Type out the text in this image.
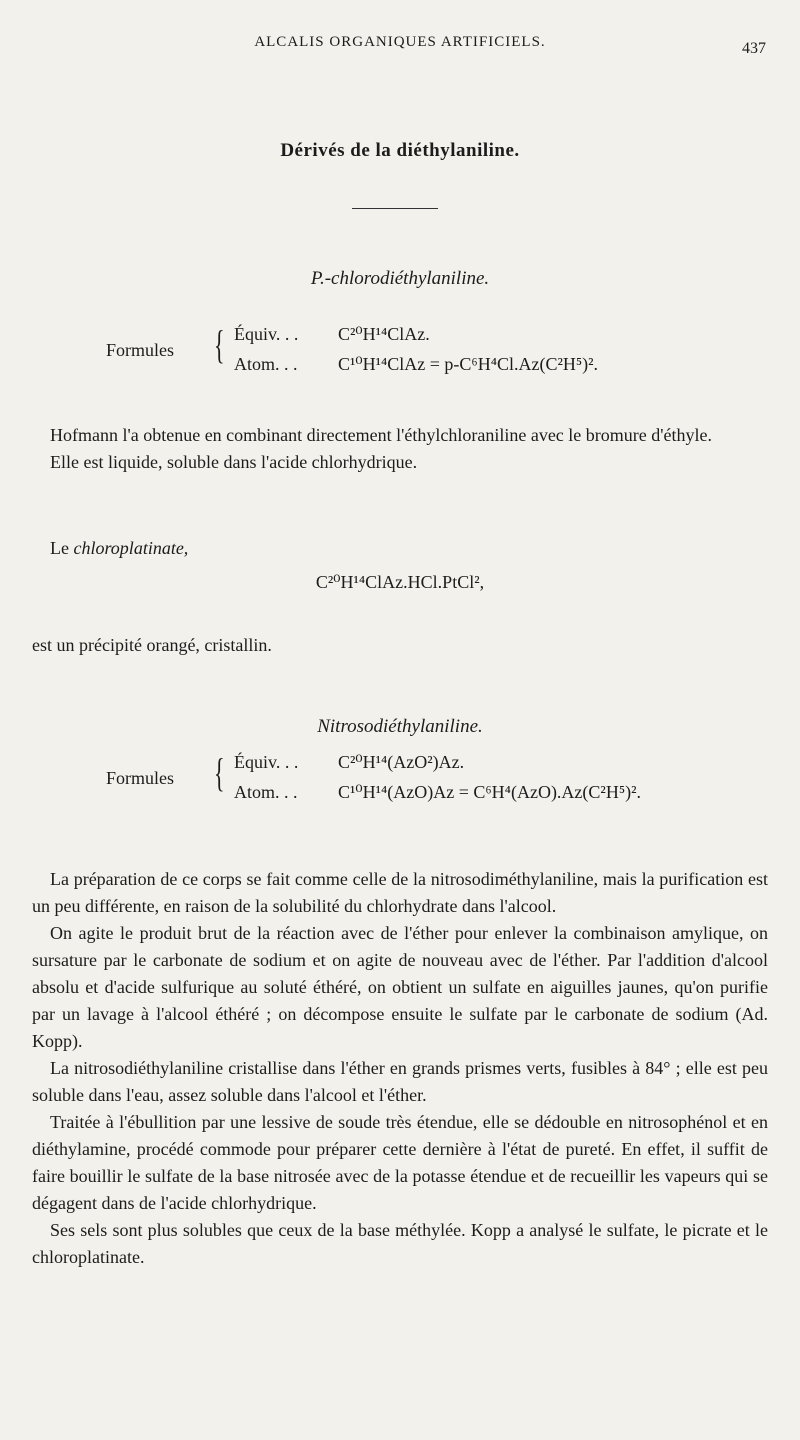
ALCALIS ORGANIQUES ARTIFICIELS.	437
Dérivés de la diéthylaniline.
P.-chlorodiéthylaniline.
Formules { Équiv. . . C²⁰H¹⁴ClAz.
Atom. . . C¹⁰H¹⁴ClAz = p-C⁶H⁴Cl.Az(C²H⁵)².

Hofmann l'a obtenue en combinant directement l'éthylchloraniline avec le bromure d'éthyle.

Elle est liquide, soluble dans l'acide chlorhydrique.

Le chloroplatinate,

C²⁰H¹⁴ClAz.HCl.PtCl²,

est un précipité orangé, cristallin.

Nitrosodiéthylaniline.
Formules { Équiv. . . C²⁰H¹⁴(AzO²)Az.
Atom. . . C¹⁰H¹⁴(AzO)Az = C⁶H⁴(AzO).Az(C²H⁵)².

La préparation de ce corps se fait comme celle de la nitrosodiméthylaniline, mais la purification est un peu différente, en raison de la solubilité du chlorhydrate dans l'alcool.

On agite le produit brut de la réaction avec de l'éther pour enlever la combinaison amylique, on sursature par le carbonate de sodium et on agite de nouveau avec de l'éther. Par l'addition d'alcool absolu et d'acide sulfurique au soluté éthéré, on obtient un sulfate en aiguilles jaunes, qu'on purifie par un lavage à l'alcool éthéré ; on décompose ensuite le sulfate par le carbonate de sodium (Ad. Kopp).

La nitrosodiéthylaniline cristallise dans l'éther en grands prismes verts, fusibles à 84° ; elle est peu soluble dans l'eau, assez soluble dans l'alcool et l'éther.

Traitée à l'ébullition par une lessive de soude très étendue, elle se dédouble en nitrosophénol et en diéthylamine, procédé commode pour préparer cette dernière à l'état de pureté. En effet, il suffit de faire bouillir le sulfate de la base nitrosée avec de la potasse étendue et de recueillir les vapeurs qui se dégagent dans de l'acide chlorhydrique.

Ses sels sont plus solubles que ceux de la base méthylée. Kopp a analysé le sulfate, le picrate et le chloroplatinate.
